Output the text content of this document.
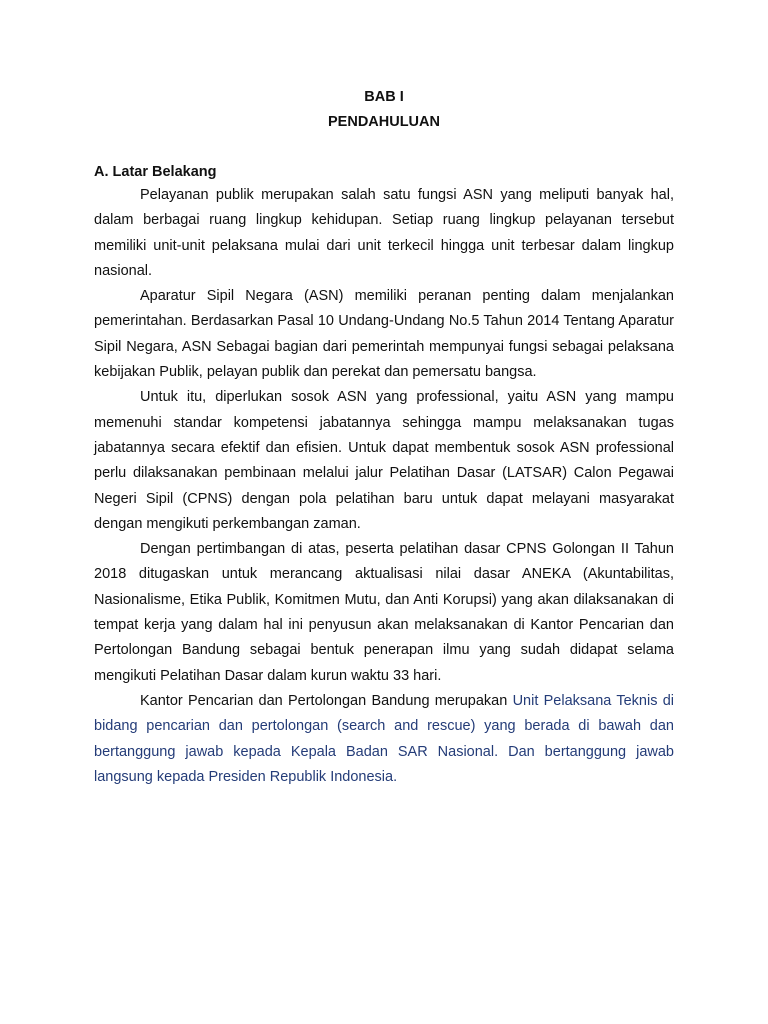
BAB I
PENDAHULUAN
A. Latar Belakang

Pelayanan publik merupakan salah satu fungsi ASN yang meliputi banyak hal, dalam berbagai ruang lingkup kehidupan. Setiap ruang lingkup pelayanan tersebut memiliki unit-unit pelaksana mulai dari unit terkecil hingga unit terbesar dalam lingkup nasional.

Aparatur Sipil Negara (ASN) memiliki peranan penting dalam menjalankan pemerintahan. Berdasarkan Pasal 10 Undang-Undang No.5 Tahun 2014 Tentang Aparatur Sipil Negara, ASN Sebagai bagian dari pemerintah mempunyai fungsi sebagai pelaksana kebijakan Publik, pelayan publik dan perekat dan pemersatu bangsa.

Untuk itu, diperlukan sosok ASN yang professional, yaitu ASN yang mampu memenuhi standar kompetensi jabatannya sehingga mampu melaksanakan tugas jabatannya secara efektif dan efisien. Untuk dapat membentuk sosok ASN professional perlu dilaksanakan pembinaan melalui jalur Pelatihan Dasar (LATSAR) Calon Pegawai Negeri Sipil (CPNS) dengan pola pelatihan baru untuk dapat melayani masyarakat dengan mengikuti perkembangan zaman.

Dengan pertimbangan di atas, peserta pelatihan dasar CPNS Golongan II Tahun 2018 ditugaskan untuk merancang aktualisasi nilai dasar ANEKA (Akuntabilitas, Nasionalisme, Etika Publik, Komitmen Mutu, dan Anti Korupsi) yang akan dilaksanakan di tempat kerja yang dalam hal ini penyusun akan melaksanakan di Kantor Pencarian dan Pertolongan Bandung sebagai bentuk penerapan ilmu yang sudah didapat selama mengikuti Pelatihan Dasar dalam kurun waktu 33 hari.

Kantor Pencarian dan Pertolongan Bandung merupakan Unit Pelaksana Teknis di bidang pencarian dan pertolongan (search and rescue) yang berada di bawah dan bertanggung jawab kepada Kepala Badan SAR Nasional. Dan bertanggung jawab langsung kepada Presiden Republik Indonesia.
